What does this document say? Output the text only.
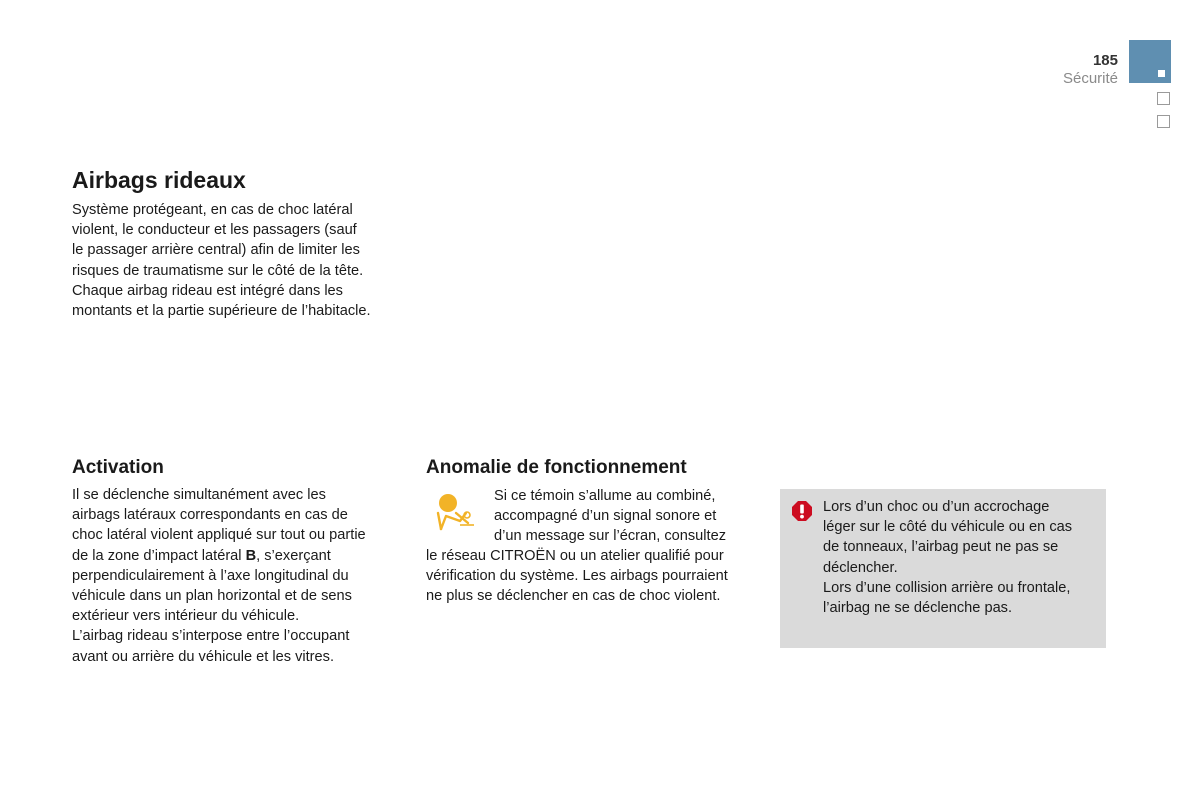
185
Sécurité
Airbags rideaux

Système protégeant, en cas de choc latéral

violent, le conducteur et les passagers (sauf

le passager arrière central) afin de limiter les

risques de traumatisme sur le côté de la tête.

Chaque airbag rideau est intégré dans les

montants et la partie supérieure de l’habitacle.

Activation

Il se déclenche simultanément avec les

airbags latéraux correspondants en cas de

choc latéral violent appliqué sur tout ou partie

de la zone d’impact latéral B, s’exerçant

perpendiculairement à l’axe longitudinal du

véhicule dans un plan horizontal et de sens

extérieur vers intérieur du véhicule.

L’airbag rideau s’interpose entre l’occupant

avant ou arrière du véhicule et les vitres.

Anomalie de fonctionnement

Si ce témoin s’allume au combiné,

accompagné d’un signal sonore et

d’un message sur l’écran, consultez

le réseau CITROËN ou un atelier qualifié pour

vérification du système. Les airbags pourraient

ne plus se déclencher en cas de choc violent.

Lors d’un choc ou d’un accrochage

léger sur le côté du véhicule ou en cas

de tonneaux, l’airbag peut ne pas se

déclencher.

Lors d’une collision arrière ou frontale,

l’airbag ne se déclenche pas.
